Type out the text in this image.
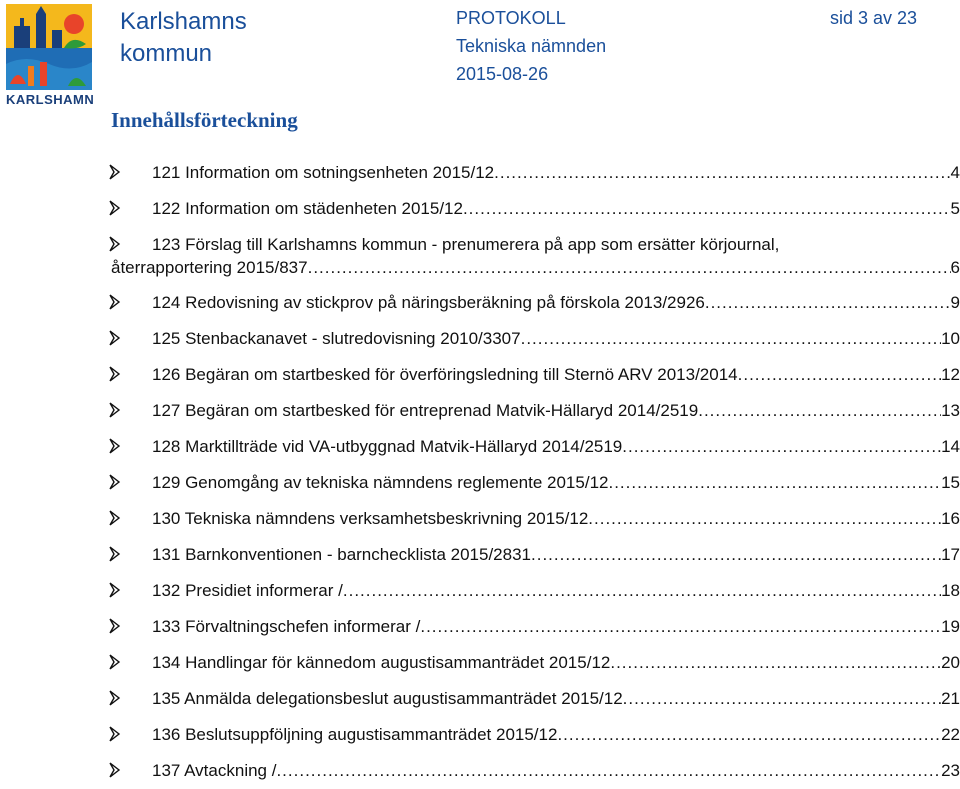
KARLSHAMN
Karlshamns
kommun
PROTOKOLL
Tekniska nämnden
2015-08-26
sid 3 av 23
Innehållsförteckning
121 Information om sotningsenheten 2015/12 .....	4
122 Information om städenheten 2015/12 .....	5
123 Förslag till Karlshamns kommun - prenumerera på app som ersätter körjournal,
återrapportering 2015/837 .....	6
124 Redovisning av stickprov på näringsberäkning på förskola 2013/2926 .....	9
125 Stenbackanavet - slutredovisning 2010/3307 .....	10
126 Begäran om startbesked för överföringsledning till Sternö ARV 2013/2014 .....	12
127 Begäran om startbesked för entreprenad Matvik-Hällaryd 2014/2519 .....	13
128 Marktillträde vid VA-utbyggnad Matvik-Hällaryd 2014/2519 .....	14
129 Genomgång av tekniska nämndens reglemente 2015/12 .....	15
130 Tekniska nämndens verksamhetsbeskrivning 2015/12 .....	16
131 Barnkonventionen - barnchecklista 2015/2831 .....	17
132 Presidiet informerar / .....	18
133 Förvaltningschefen informerar / .....	19
134 Handlingar för kännedom augustisammanträdet 2015/12 .....	20
135 Anmälda delegationsbeslut augustisammanträdet 2015/12 .....	21
136 Beslutsuppföljning augustisammanträdet 2015/12 .....	22
137 Avtackning / .....	23
